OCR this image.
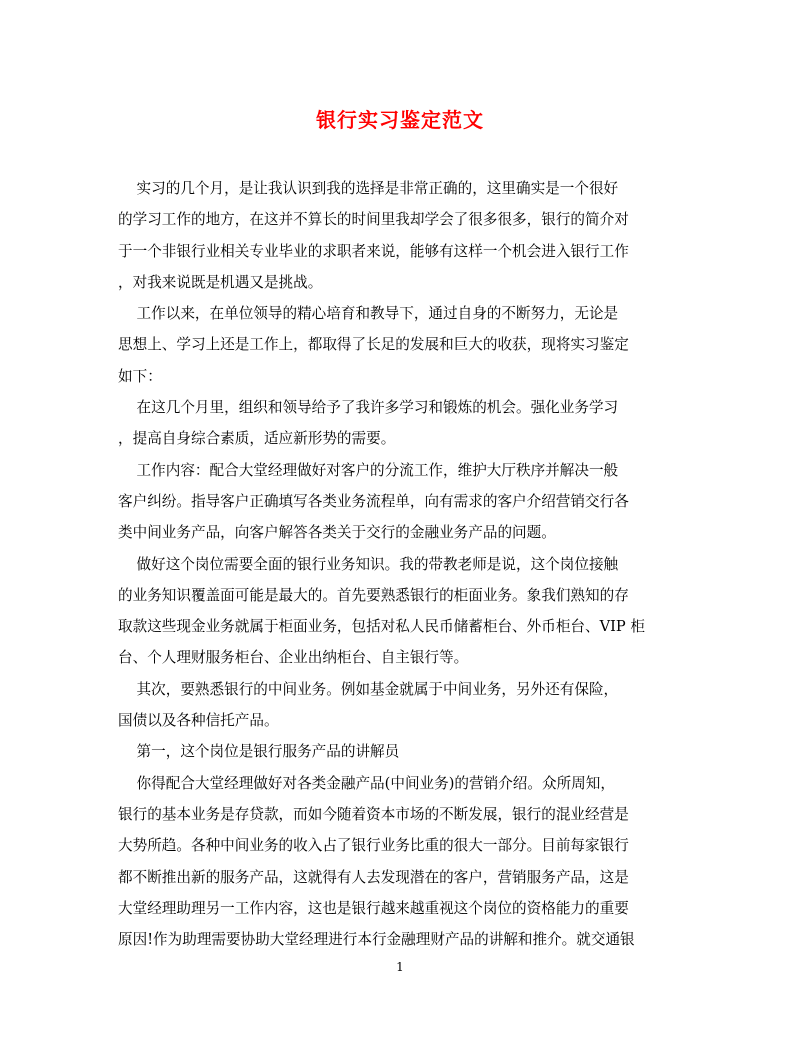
银行实习鉴定范文
实习的几个月，是让我认识到我的选择是非常正确的，这里确实是一个很好
的学习工作的地方，在这并不算长的时间里我却学会了很多很多，银行的简介对
于一个非银行业相关专业毕业的求职者来说，能够有这样一个机会进入银行工作
，对我来说既是机遇又是挑战。
工作以来，在单位领导的精心培育和教导下，通过自身的不断努力，无论是
思想上、学习上还是工作上，都取得了长足的发展和巨大的收获，现将实习鉴定
如下：
在这几个月里，组织和领导给予了我许多学习和锻炼的机会。强化业务学习
，提高自身综合素质，适应新形势的需要。
工作内容：配合大堂经理做好对客户的分流工作，维护大厅秩序并解决一般
客户纠纷。指导客户正确填写各类业务流程单，向有需求的客户介绍营销交行各
类中间业务产品，向客户解答各类关于交行的金融业务产品的问题。
做好这个岗位需要全面的银行业务知识。我的带教老师是说，这个岗位接触
的业务知识覆盖面可能是最大的。首先要熟悉银行的柜面业务。象我们熟知的存
取款这些现金业务就属于柜面业务，包括对私人民币储蓄柜台、外币柜台、VIP 柜
台、个人理财服务柜台、企业出纳柜台、自主银行等。
其次，要熟悉银行的中间业务。例如基金就属于中间业务，另外还有保险，
国债以及各种信托产品。
第一，这个岗位是银行服务产品的讲解员
你得配合大堂经理做好对各类金融产品(中间业务)的营销介绍。众所周知，
银行的基本业务是存贷款，而如今随着资本市场的不断发展，银行的混业经营是
大势所趋。各种中间业务的收入占了银行业务比重的很大一部分。目前每家银行
都不断推出新的服务产品，这就得有人去发现潜在的客户，营销服务产品，这是
大堂经理助理另一工作内容，这也是银行越来越重视这个岗位的资格能力的重要
原因!作为助理需要协助大堂经理进行本行金融理财产品的讲解和推介。就交通银
1
